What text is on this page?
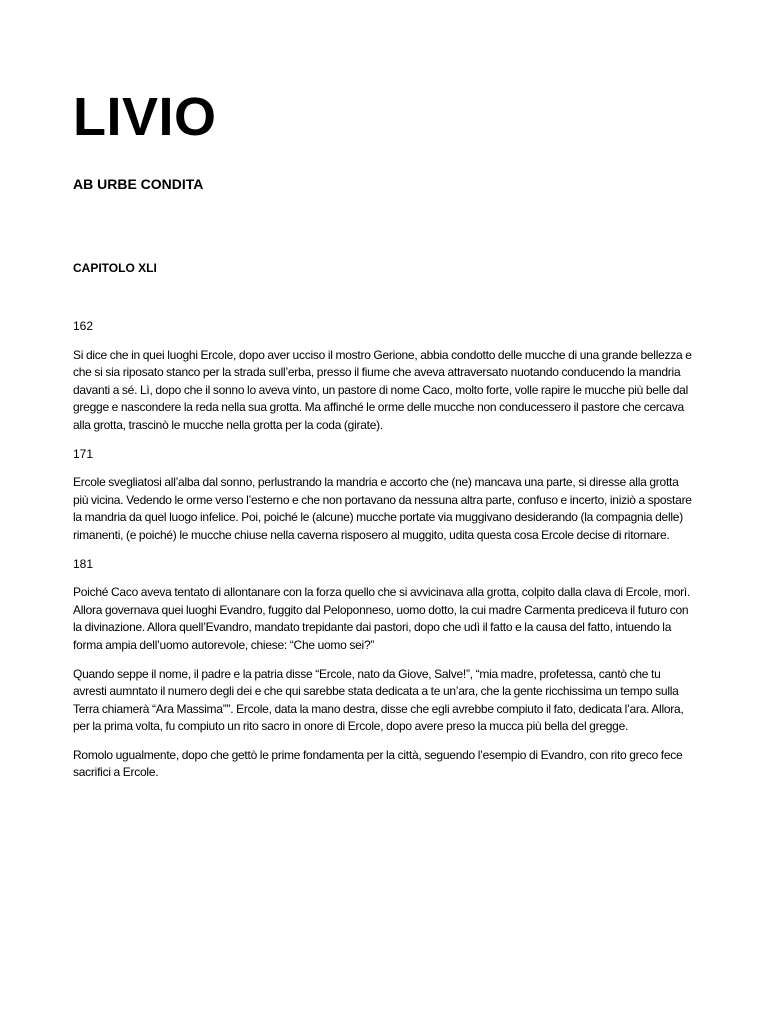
LIVIO
AB URBE CONDITA
CAPITOLO XLI

162

Si dice che in quei luoghi Ercole, dopo aver ucciso il mostro Gerione, abbia condotto delle mucche di una grande bellezza e che si sia riposato stanco per la strada sull’erba, presso il fiume che aveva attraversato nuotando conducendo la mandria davanti a sé. Lì, dopo che il sonno lo aveva vinto, un pastore di nome Caco, molto forte, volle rapire le mucche più belle dal gregge e nascondere la reda nella sua grotta. Ma affinché le orme delle mucche non conducessero il pastore che cercava alla grotta, trascinò le mucche nella grotta per la coda (girate).

171

Ercole svegliatosi all’alba dal sonno, perlustrando la mandria e accorto che (ne) mancava una parte, si diresse alla grotta più vicina. Vedendo le orme verso l’esterno e che non portavano da nessuna altra parte, confuso e incerto, iniziò a spostare la mandria da quel luogo infelice. Poi, poiché le (alcune) mucche portate via muggivano desiderando (la compagnia delle) rimanenti, (e poiché) le mucche chiuse nella caverna risposero al muggito, udita questa cosa Ercole decise di ritornare.

181

Poiché Caco aveva tentato di allontanare con la forza quello che si avvicinava alla grotta, colpito dalla clava di Ercole, morì. Allora governava quei luoghi Evandro, fuggito dal Peloponneso, uomo dotto, la cui madre Carmenta prediceva il futuro con la divinazione. Allora quell’Evandro, mandato trepidante dai pastori, dopo che udì il fatto e la causa del fatto, intuendo la forma ampia dell’uomo autorevole, chiese: “Che uomo sei?”

Quando seppe il nome, il padre e la patria disse “Ercole, nato da Giove, Salve!”, “mia madre, profetessa, cantò che tu avresti aumntato il numero degli dei e che qui sarebbe stata dedicata a te un’ara, che la gente ricchissima un tempo sulla Terra chiamerà “Ara Massima””. Ercole, data la mano destra, disse che egli avrebbe compiuto il fato, dedicata l’ara. Allora, per la prima volta, fu compiuto un rito sacro in onore di Ercole, dopo avere preso la mucca più bella del gregge.

Romolo ugualmente, dopo che gettò le prime fondamenta per la città, seguendo l’esempio di Evandro, con rito greco fece sacrifici a Ercole.
